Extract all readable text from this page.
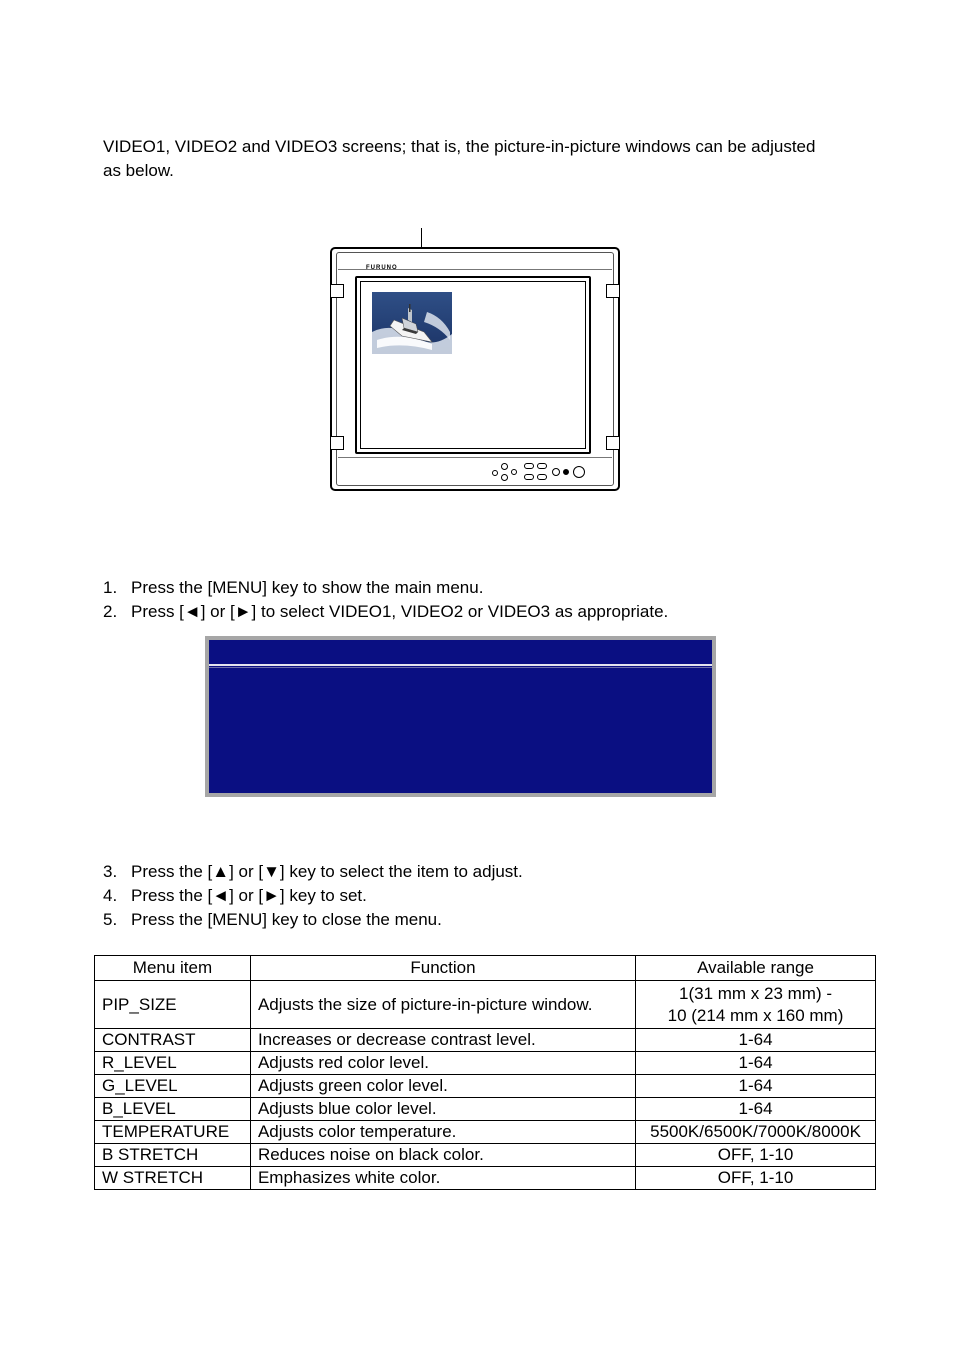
VIDEO1, VIDEO2 and VIDEO3 screens; that is, the picture-in-picture windows can be adjusted as below.

FURUNO
1. Press the [MENU] key to show the main menu.
2. Press [◄] or [►] to select VIDEO1, VIDEO2 or VIDEO3 as appropriate.
3. Press the [▲] or [▼] key to select the item to adjust.
4. Press the [◄] or [►] key to set.
5. Press the [MENU] key to close the menu.
Menu item	Function	Available range
PIP_SIZE	Adjusts the size of picture-in-picture window.	1(31 mm x 23 mm) -
10 (214 mm x 160 mm)

CONTRAST	Increases or decrease contrast level.	1-64
R_LEVEL	Adjusts red color level.	1-64
G_LEVEL	Adjusts green color level.	1-64
B_LEVEL	Adjusts blue color level.	1-64
TEMPERATURE	Adjusts color temperature.	5500K/6500K/7000K/8000K
B STRETCH	Reduces noise on black color.	OFF, 1-10
W STRETCH	Emphasizes white color.	OFF, 1-10
